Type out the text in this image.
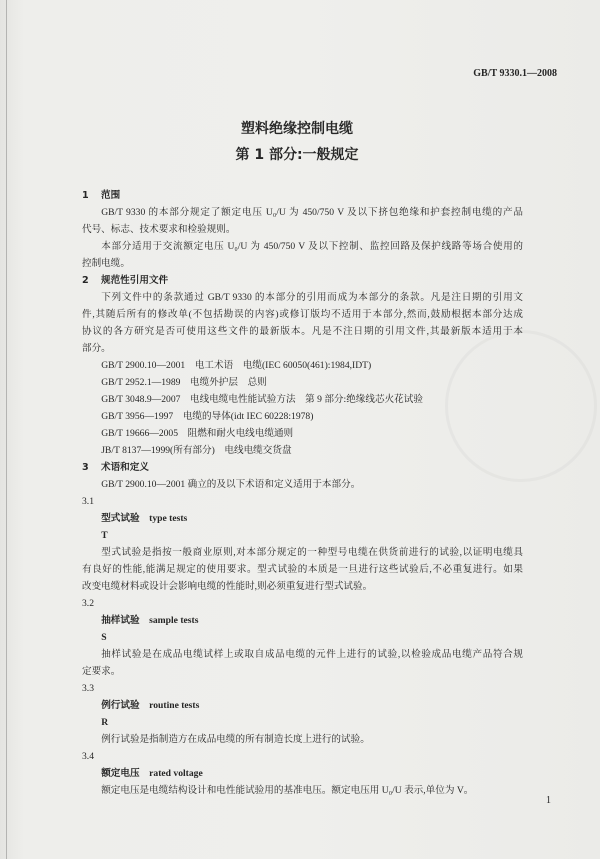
GB/T 9330.1—2008
塑料绝缘控制电缆
第 1 部分:一般规定
1 范围
GB/T 9330 的本部分规定了额定电压 U₀/U 为 450/750 V 及以下挤包绝缘和护套控制电缆的产品
代号、标志、技术要求和检验规则。
本部分适用于交流额定电压 U₀/U 为 450/750 V 及以下控制、监控回路及保护线路等场合使用的
控制电缆。
2 规范性引用文件
下列文件中的条款通过 GB/T 9330 的本部分的引用而成为本部分的条款。凡是注日期的引用文
件,其随后所有的修改单(不包括勘误的内容)或修订版均不适用于本部分,然而,鼓励根据本部分达成
协议的各方研究是否可使用这些文件的最新版本。凡是不注日期的引用文件,其最新版本适用于本
部分。
GB/T 2900.10—2001 电工术语　电缆(IEC 60050(461):1984,IDT)
GB/T 2952.1—1989 电缆外护层　总则
GB/T 3048.9—2007 电线电缆电性能试验方法　第 9 部分:绝缘线芯火花试验
GB/T 3956—1997 电缆的导体(idt IEC 60228:1978)
GB/T 19666—2005 阻燃和耐火电线电缆通则
JB/T 8137—1999(所有部分) 电线电缆交货盘
3 术语和定义
GB/T 2900.10—2001 确立的及以下术语和定义适用于本部分。
3.1
型式试验 type tests
T
型式试验是指按一般商业原则,对本部分规定的一种型号电缆在供货前进行的试验,以证明电缆具
有良好的性能,能满足规定的使用要求。型式试验的本质是一旦进行这些试验后,不必重复进行。如果
改变电缆材料或设计会影响电缆的性能时,则必须重复进行型式试验。
3.2
抽样试验 sample tests
S
抽样试验是在成品电缆试样上或取自成品电缆的元件上进行的试验,以检验成品电缆产品符合规
定要求。
3.3
例行试验 routine tests
R
例行试验是指制造方在成品电缆的所有制造长度上进行的试验。
3.4
额定电压 rated voltage
额定电压是电缆结构设计和电性能试验用的基准电压。额定电压用 U₀/U 表示,单位为 V。
1
